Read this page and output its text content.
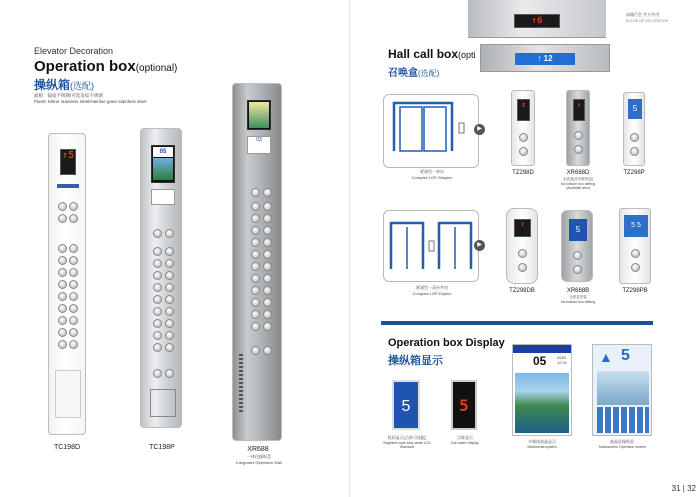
Elevator Decoration
Operation box(optional)
操纵箱(选配)
面板：镜面不锈钢/可选发纹不锈钢
Panel: Mirror stainless steel/Hairline grain stainless steel
↑5
TC198D
05
TC198P
03
XR688
一体化操纵盘
Integrated Operation Wall
↑6
↑ 12
冰箱行会 共万共用
ELEVATOR DECORATION
Hall call box(opti
召唤盒(选配)
▶
紧凑型一单台
Compact LOP-Simplex
↕
TZ298D
↑
XR688D
无底盒(亦可配底盒)
No bottom box setting (Available also)
5
TZ298P
▶
紧凑型一双台共用
Compact LOP-Duplex
↕
TZ298DB
5
XR688B
无底盒安装
No bottom box setting
5 5
TZ298PB
Operation box Display
操纵箱显示
5
段码显示(点阵可选配)
Segment code blue-white LCD Standard
5
点阵显示
Dot matrix display
05	2020 12 01
多媒体液晶显示
Multimedia system
▲ 5
液晶屏操纵屏
Touchscreen Operation screen
31 | 32
